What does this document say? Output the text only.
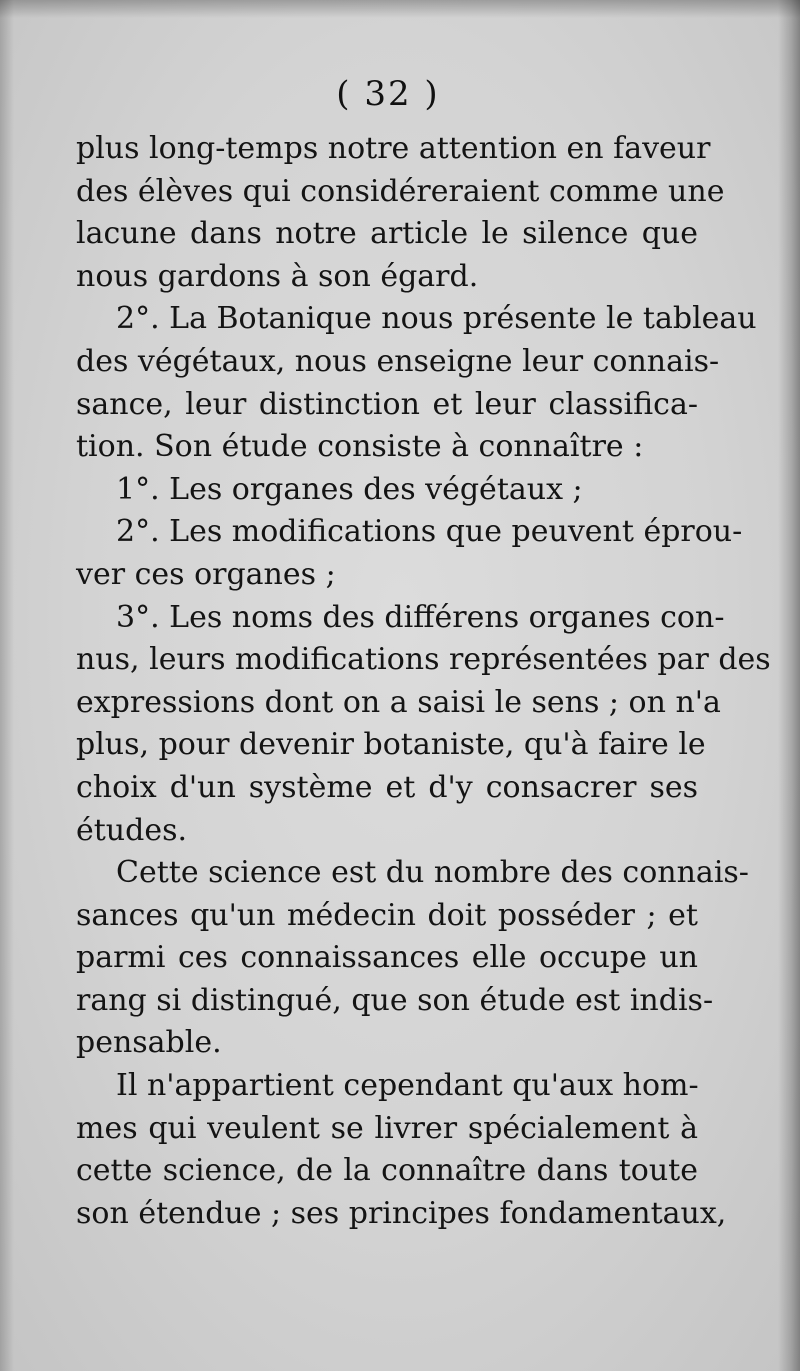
( 32 )
plus long-temps notre attention en faveur
des élèves qui considéreraient comme une
lacune dans notre article le silence que
nous gardons à son égard.
2°. La Botanique nous présente le tableau
des végétaux, nous enseigne leur connais-
sance, leur distinction et leur classifica-
tion. Son étude consiste à connaître :
1°. Les organes des végétaux ;
2°. Les modifications que peuvent éprou-
ver ces organes ;
3°. Les noms des différens organes con-
nus, leurs modifications représentées par des
expressions dont on a saisi le sens ; on n'a
plus, pour devenir botaniste, qu'à faire le
choix d'un système et d'y consacrer ses
études.
Cette science est du nombre des connais-
sances qu'un médecin doit posséder ; et
parmi ces connaissances elle occupe un
rang si distingué, que son étude est indis-
pensable.
Il n'appartient cependant qu'aux hom-
mes qui veulent se livrer spécialement à
cette science, de la connaître dans toute
son étendue ; ses principes fondamentaux,
